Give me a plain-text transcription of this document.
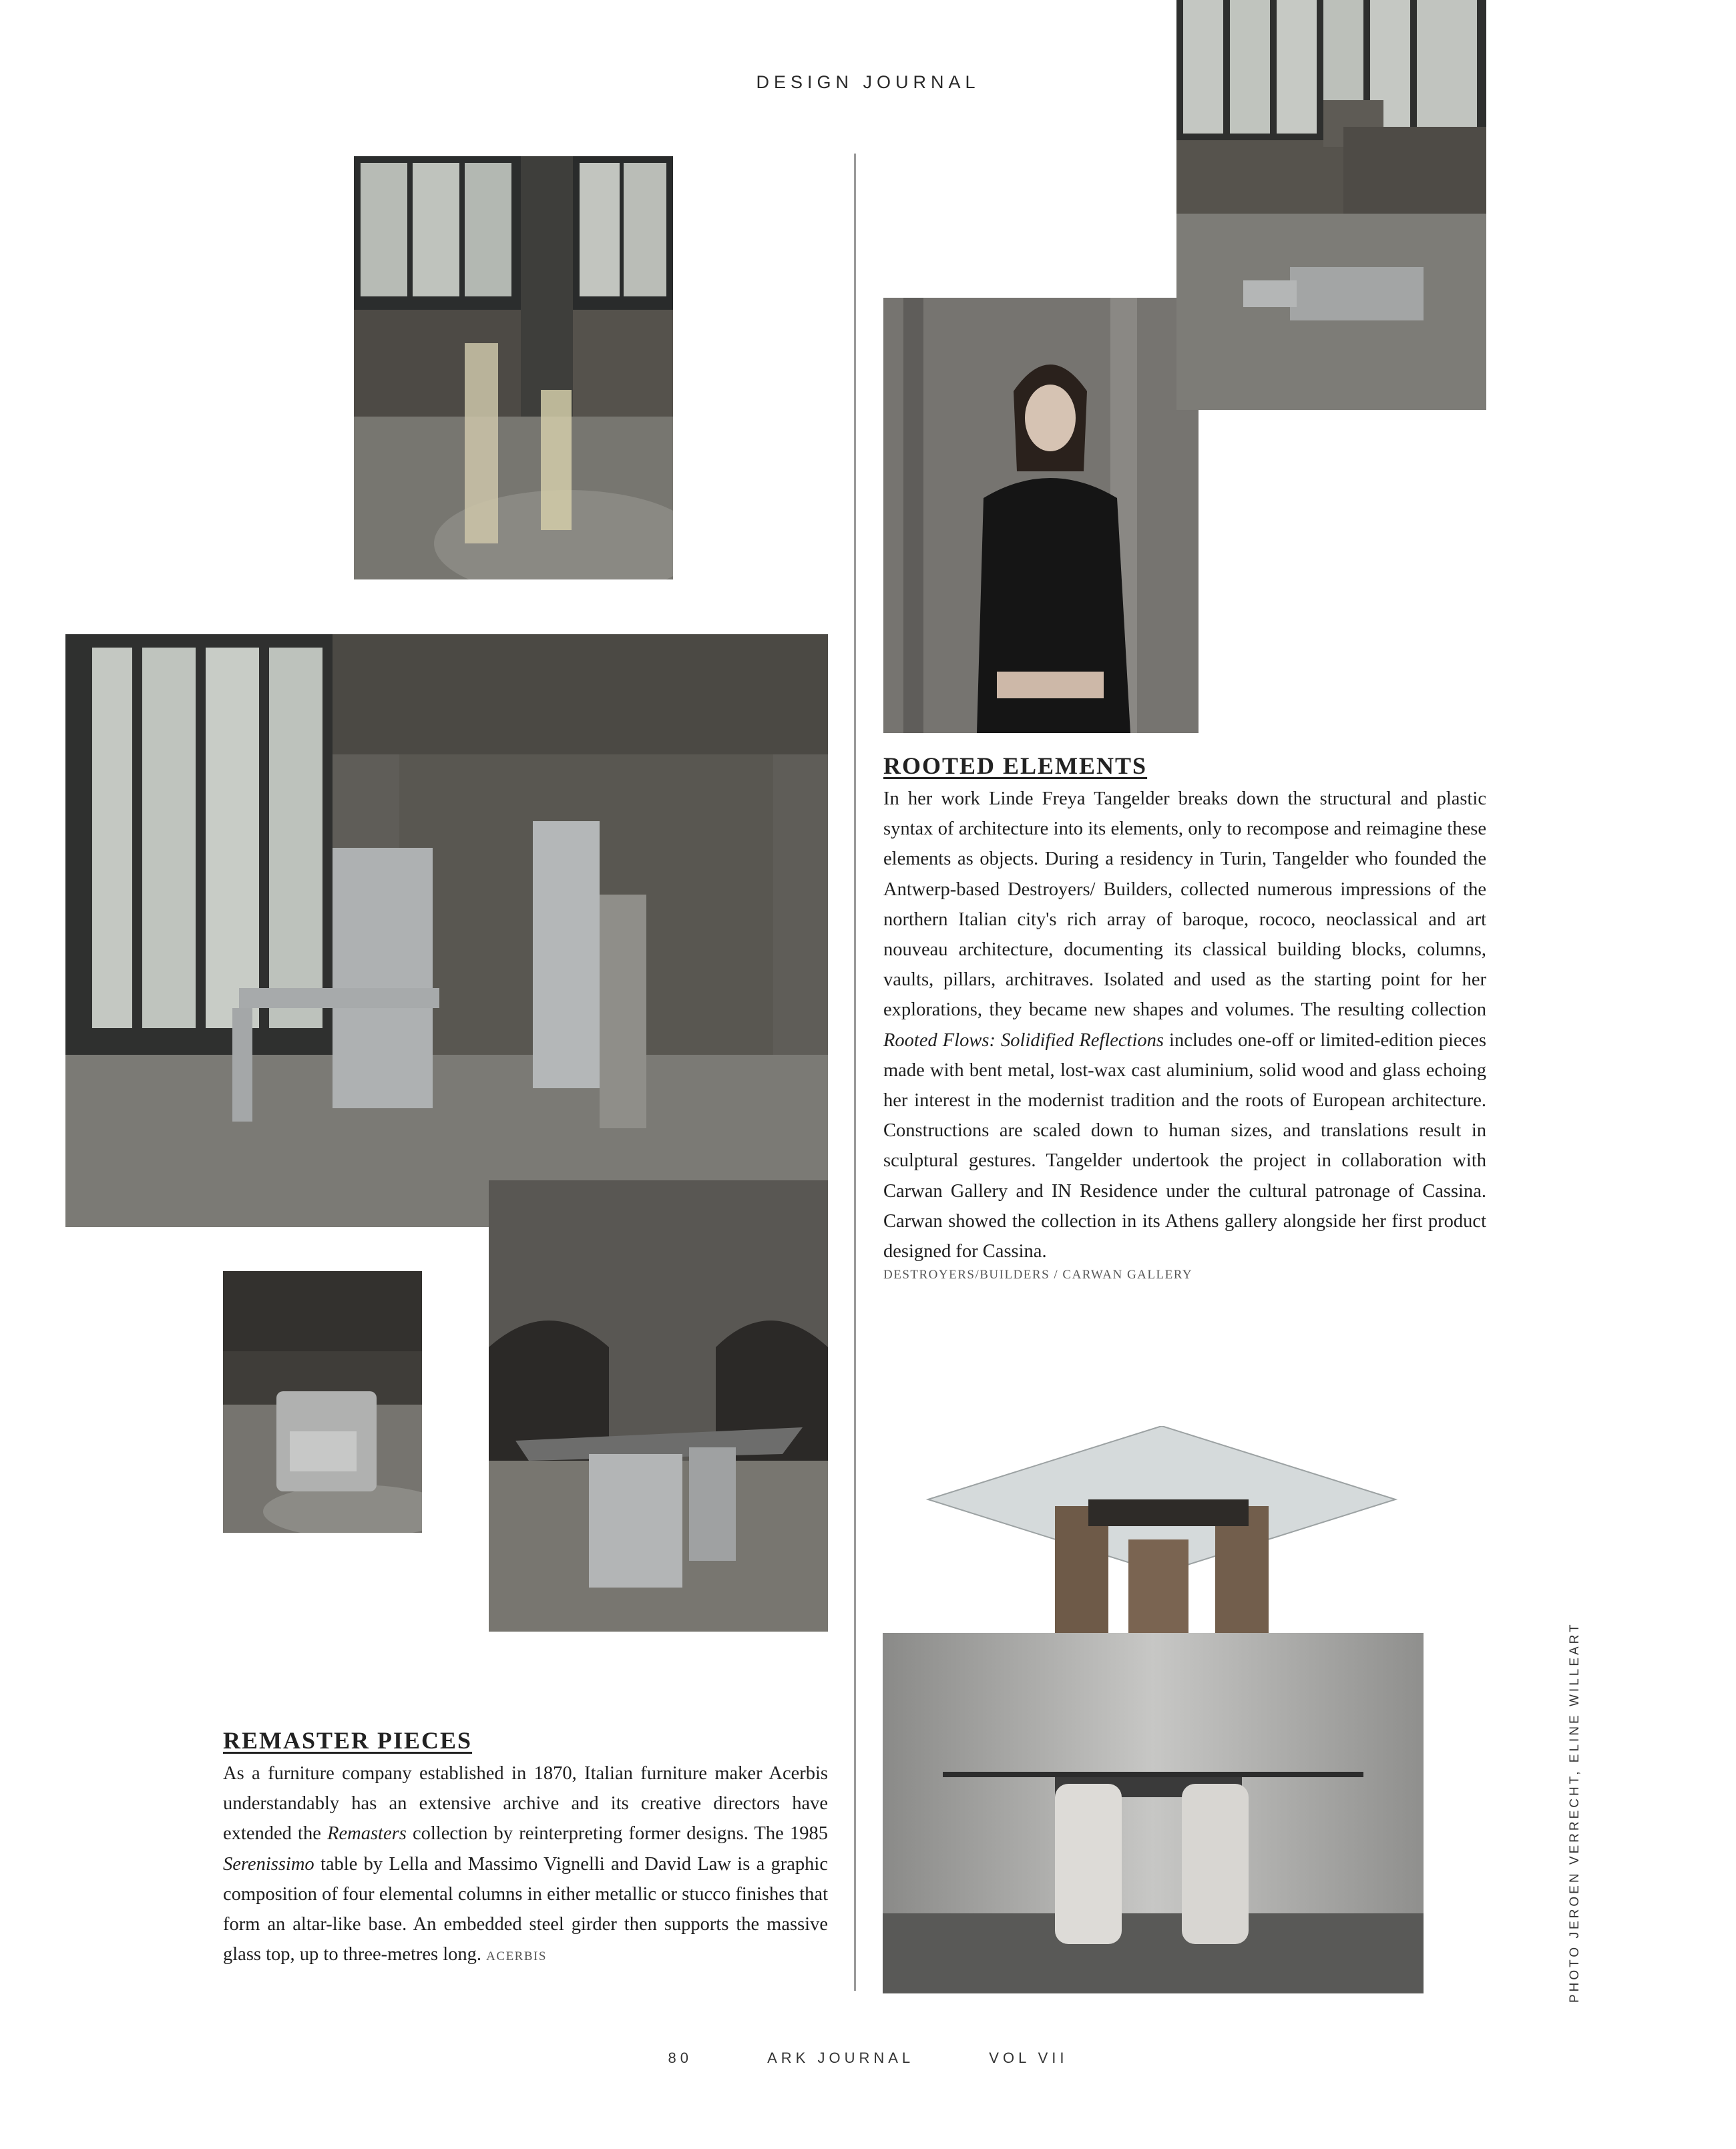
DESIGN JOURNAL
ROOTED ELEMENTS

In her work Linde Freya Tangelder breaks down the structural and plastic syntax of architecture into its elements, only to recompose and reimagine these elements as objects. During a residency in Turin, Tangelder who founded the Antwerp-based Destroyers/ Builders, collected numerous impressions of the northern Italian city's rich array of baroque, rococo, neoclassical and art nouveau architecture, documenting its classical building blocks, columns, vaults, pillars, architraves. Isolated and used as the starting point for her explorations, they became new shapes and volumes. The resulting collection Rooted Flows: Solidified Reflections includes one-off or limited-edition pieces made with bent metal, lost-wax cast aluminium, solid wood and glass echoing her interest in the modernist tradition and the roots of European architecture. Constructions are scaled down to human sizes, and translations result in sculptural gestures. Tangelder undertook the project in collaboration with Carwan Gallery and IN Residence under the cultural patronage of Cassina. Carwan showed the collection in its Athens gallery alongside her first product designed for Cassina.

DESTROYERS/BUILDERS / CARWAN GALLERY
REMASTER PIECES

As a furniture company established in 1870, Italian furniture maker Acerbis understandably has an extensive archive and its creative directors have extended the Remasters collection by reinterpreting former designs. The 1985 Serenissimo table by Lella and Massimo Vignelli and David Law is a graphic composition of four elemental columns in either metallic or stucco finishes that form an altar-like base. An embedded steel girder then supports the massive glass top, up to three-metres long. ACERBIS	PHOTO JEROEN VERRECHT, ELINE WILLEART
80	ARK JOURNAL	VOL VII
